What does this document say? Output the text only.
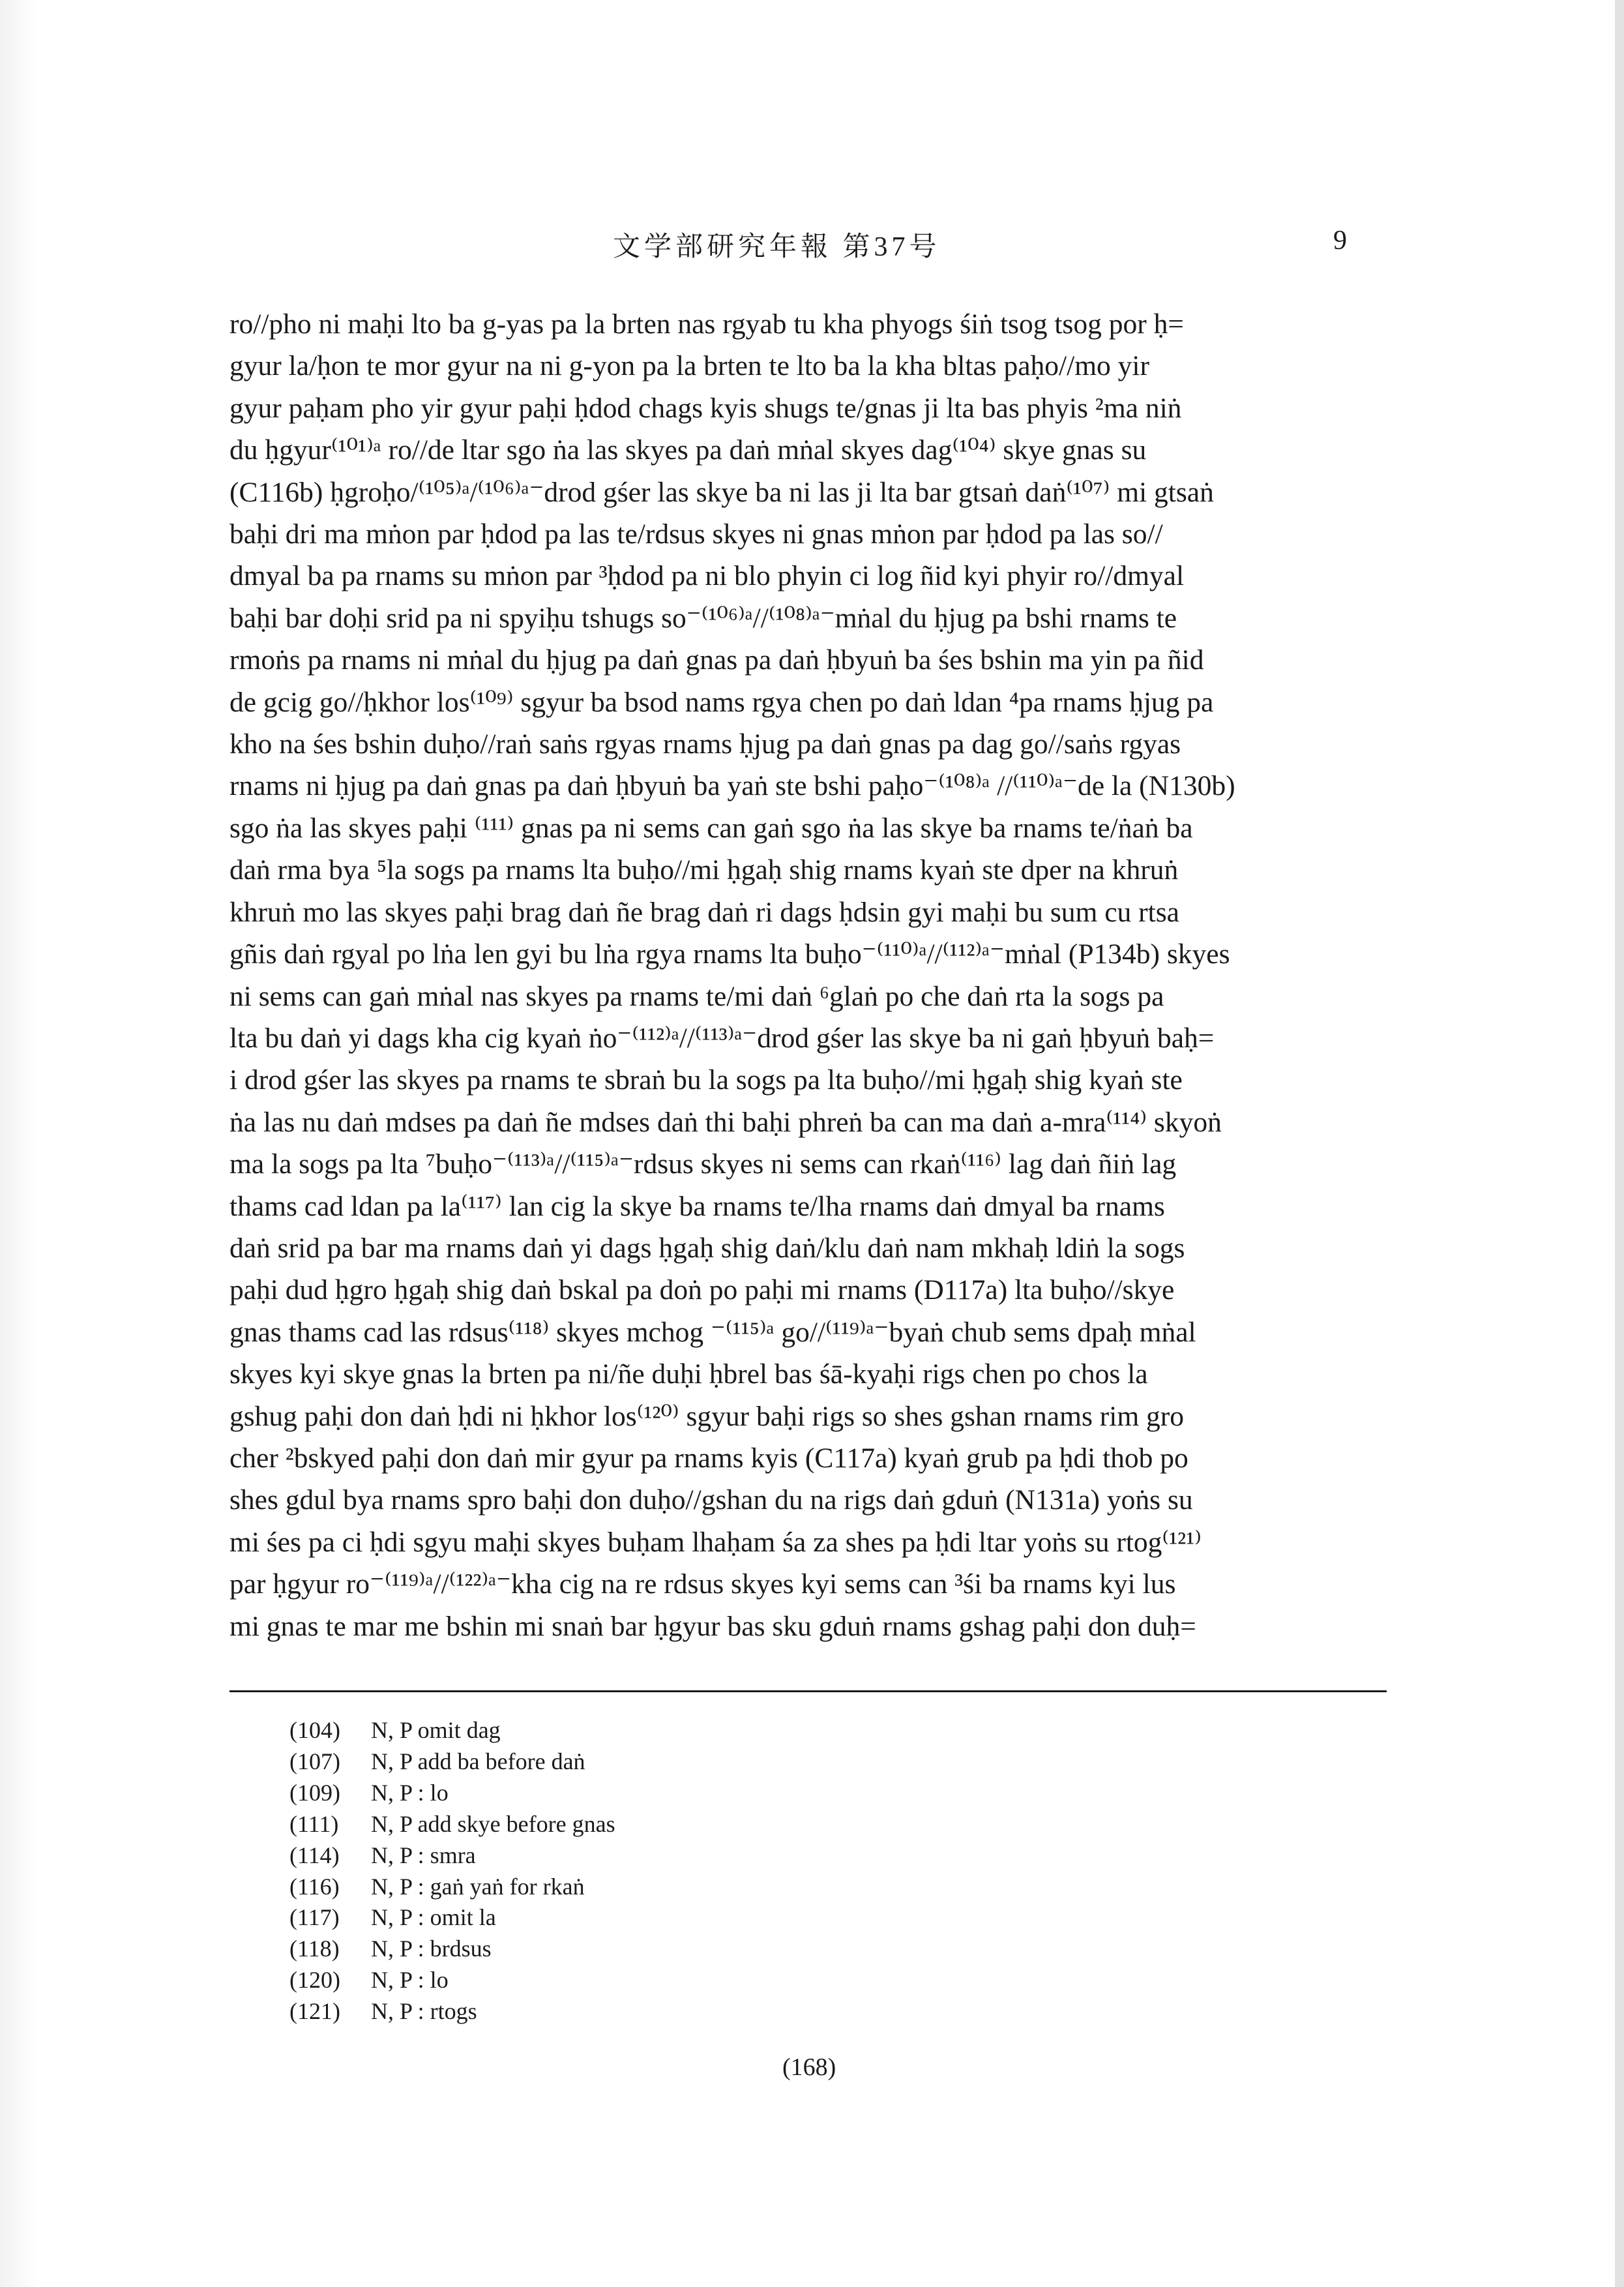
文学部研究年報 第37号	9
ro//pho ni maḥi lto ba g-yas pa la brten nas rgyab tu kha phyogs śiṅ tsog tsog por ḥ=
gyur la/ḥon te mor gyur na ni g-yon pa la brten te lto ba la kha bltas paḥo//mo yir
gyur paḥam pho yir gyur paḥi ḥdod chags kyis shugs te/gnas ji lta bas phyis ²ma niṅ
du ḥgyur⁽¹⁰¹⁾ᵃ ro//de ltar sgo ṅa las skyes pa daṅ mṅal skyes dag⁽¹⁰⁴⁾ skye gnas su
(C116b) ḥgroḥo/⁽¹⁰⁵⁾ᵃ/⁽¹⁰⁶⁾ᵃ⁻drod gśer las skye ba ni las ji lta bar gtsaṅ daṅ⁽¹⁰⁷⁾ mi gtsaṅ
baḥi dri ma mṅon par ḥdod pa las te/rdsus skyes ni gnas mṅon par ḥdod pa las so//
dmyal ba pa rnams su mṅon par ³ḥdod pa ni blo phyin ci log ñid kyi phyir ro//dmyal
baḥi bar doḥi srid pa ni spyiḥu tshugs so⁻⁽¹⁰⁶⁾ᵃ//⁽¹⁰⁸⁾ᵃ⁻mṅal du ḥjug pa bshi rnams te
rmoṅs pa rnams ni mṅal du ḥjug pa daṅ gnas pa daṅ ḥbyuṅ ba śes bshin ma yin pa ñid
de gcig go//ḥkhor los⁽¹⁰⁹⁾ sgyur ba bsod nams rgya chen po daṅ ldan ⁴pa rnams ḥjug pa
kho na śes bshin duḥo//raṅ saṅs rgyas rnams ḥjug pa daṅ gnas pa dag go//saṅs rgyas
rnams ni ḥjug pa daṅ gnas pa daṅ ḥbyuṅ ba yaṅ ste bshi paḥo⁻⁽¹⁰⁸⁾ᵃ //⁽¹¹⁰⁾ᵃ⁻de la (N130b)
sgo ṅa las skyes paḥi ⁽¹¹¹⁾ gnas pa ni sems can gaṅ sgo ṅa las skye ba rnams te/ṅaṅ ba
daṅ rma bya ⁵la sogs pa rnams lta buḥo//mi ḥgaḥ shig rnams kyaṅ ste dper na khruṅ
khruṅ mo las skyes paḥi brag daṅ ñe brag daṅ ri dags ḥdsin gyi maḥi bu sum cu rtsa
gñis daṅ rgyal po lṅa len gyi bu lṅa rgya rnams lta buḥo⁻⁽¹¹⁰⁾ᵃ//⁽¹¹²⁾ᵃ⁻mṅal (P134b) skyes
ni sems can gaṅ mṅal nas skyes pa rnams te/mi daṅ ⁶glaṅ po che daṅ rta la sogs pa
lta bu daṅ yi dags kha cig kyaṅ ṅo⁻⁽¹¹²⁾ᵃ//⁽¹¹³⁾ᵃ⁻drod gśer las skye ba ni gaṅ ḥbyuṅ baḥ=
i drod gśer las skyes pa rnams te sbraṅ bu la sogs pa lta buḥo//mi ḥgaḥ shig kyaṅ ste
ṅa las nu daṅ mdses pa daṅ ñe mdses daṅ thi baḥi phreṅ ba can ma daṅ a-mra⁽¹¹⁴⁾ skyoṅ
ma la sogs pa lta ⁷buḥo⁻⁽¹¹³⁾ᵃ//⁽¹¹⁵⁾ᵃ⁻rdsus skyes ni sems can rkaṅ⁽¹¹⁶⁾ lag daṅ ñiṅ lag
thams cad ldan pa la⁽¹¹⁷⁾ lan cig la skye ba rnams te/lha rnams daṅ dmyal ba rnams
daṅ srid pa bar ma rnams daṅ yi dags ḥgaḥ shig daṅ/klu daṅ nam mkhaḥ ldiṅ la sogs
paḥi dud ḥgro ḥgaḥ shig daṅ bskal pa doṅ po paḥi mi rnams (D117a) lta buḥo//skye
gnas thams cad las rdsus⁽¹¹⁸⁾ skyes mchog ⁻⁽¹¹⁵⁾ᵃ go//⁽¹¹⁹⁾ᵃ⁻byaṅ chub sems dpaḥ mṅal
skyes kyi skye gnas la brten pa ni/ñe duḥi ḥbrel bas śā-kyaḥi rigs chen po chos la
gshug paḥi don daṅ ḥdi ni ḥkhor los⁽¹²⁰⁾ sgyur baḥi rigs so shes gshan rnams rim gro
cher ²bskyed paḥi don daṅ mir gyur pa rnams kyis (C117a) kyaṅ grub pa ḥdi thob po
shes gdul bya rnams spro baḥi don duḥo//gshan du na rigs daṅ gduṅ (N131a) yoṅs su
mi śes pa ci ḥdi sgyu maḥi skyes buḥam lhaḥam śa za shes pa ḥdi ltar yoṅs su rtog⁽¹²¹⁾
par ḥgyur ro⁻⁽¹¹⁹⁾ᵃ//⁽¹²²⁾ᵃ⁻kha cig na re rdsus skyes kyi sems can ³śi ba rnams kyi lus
mi gnas te mar me bshin mi snaṅ bar ḥgyur bas sku gduṅ rnams gshag paḥi don duḥ=
(104) N, P omit dag
(107) N, P add ba before daṅ
(109) N, P : lo
(111) N, P add skye before gnas
(114) N, P : smra
(116) N, P : gaṅ yaṅ for rkaṅ
(117) N, P : omit la
(118) N, P : brdsus
(120) N, P : lo
(121) N, P : rtogs
(168)
